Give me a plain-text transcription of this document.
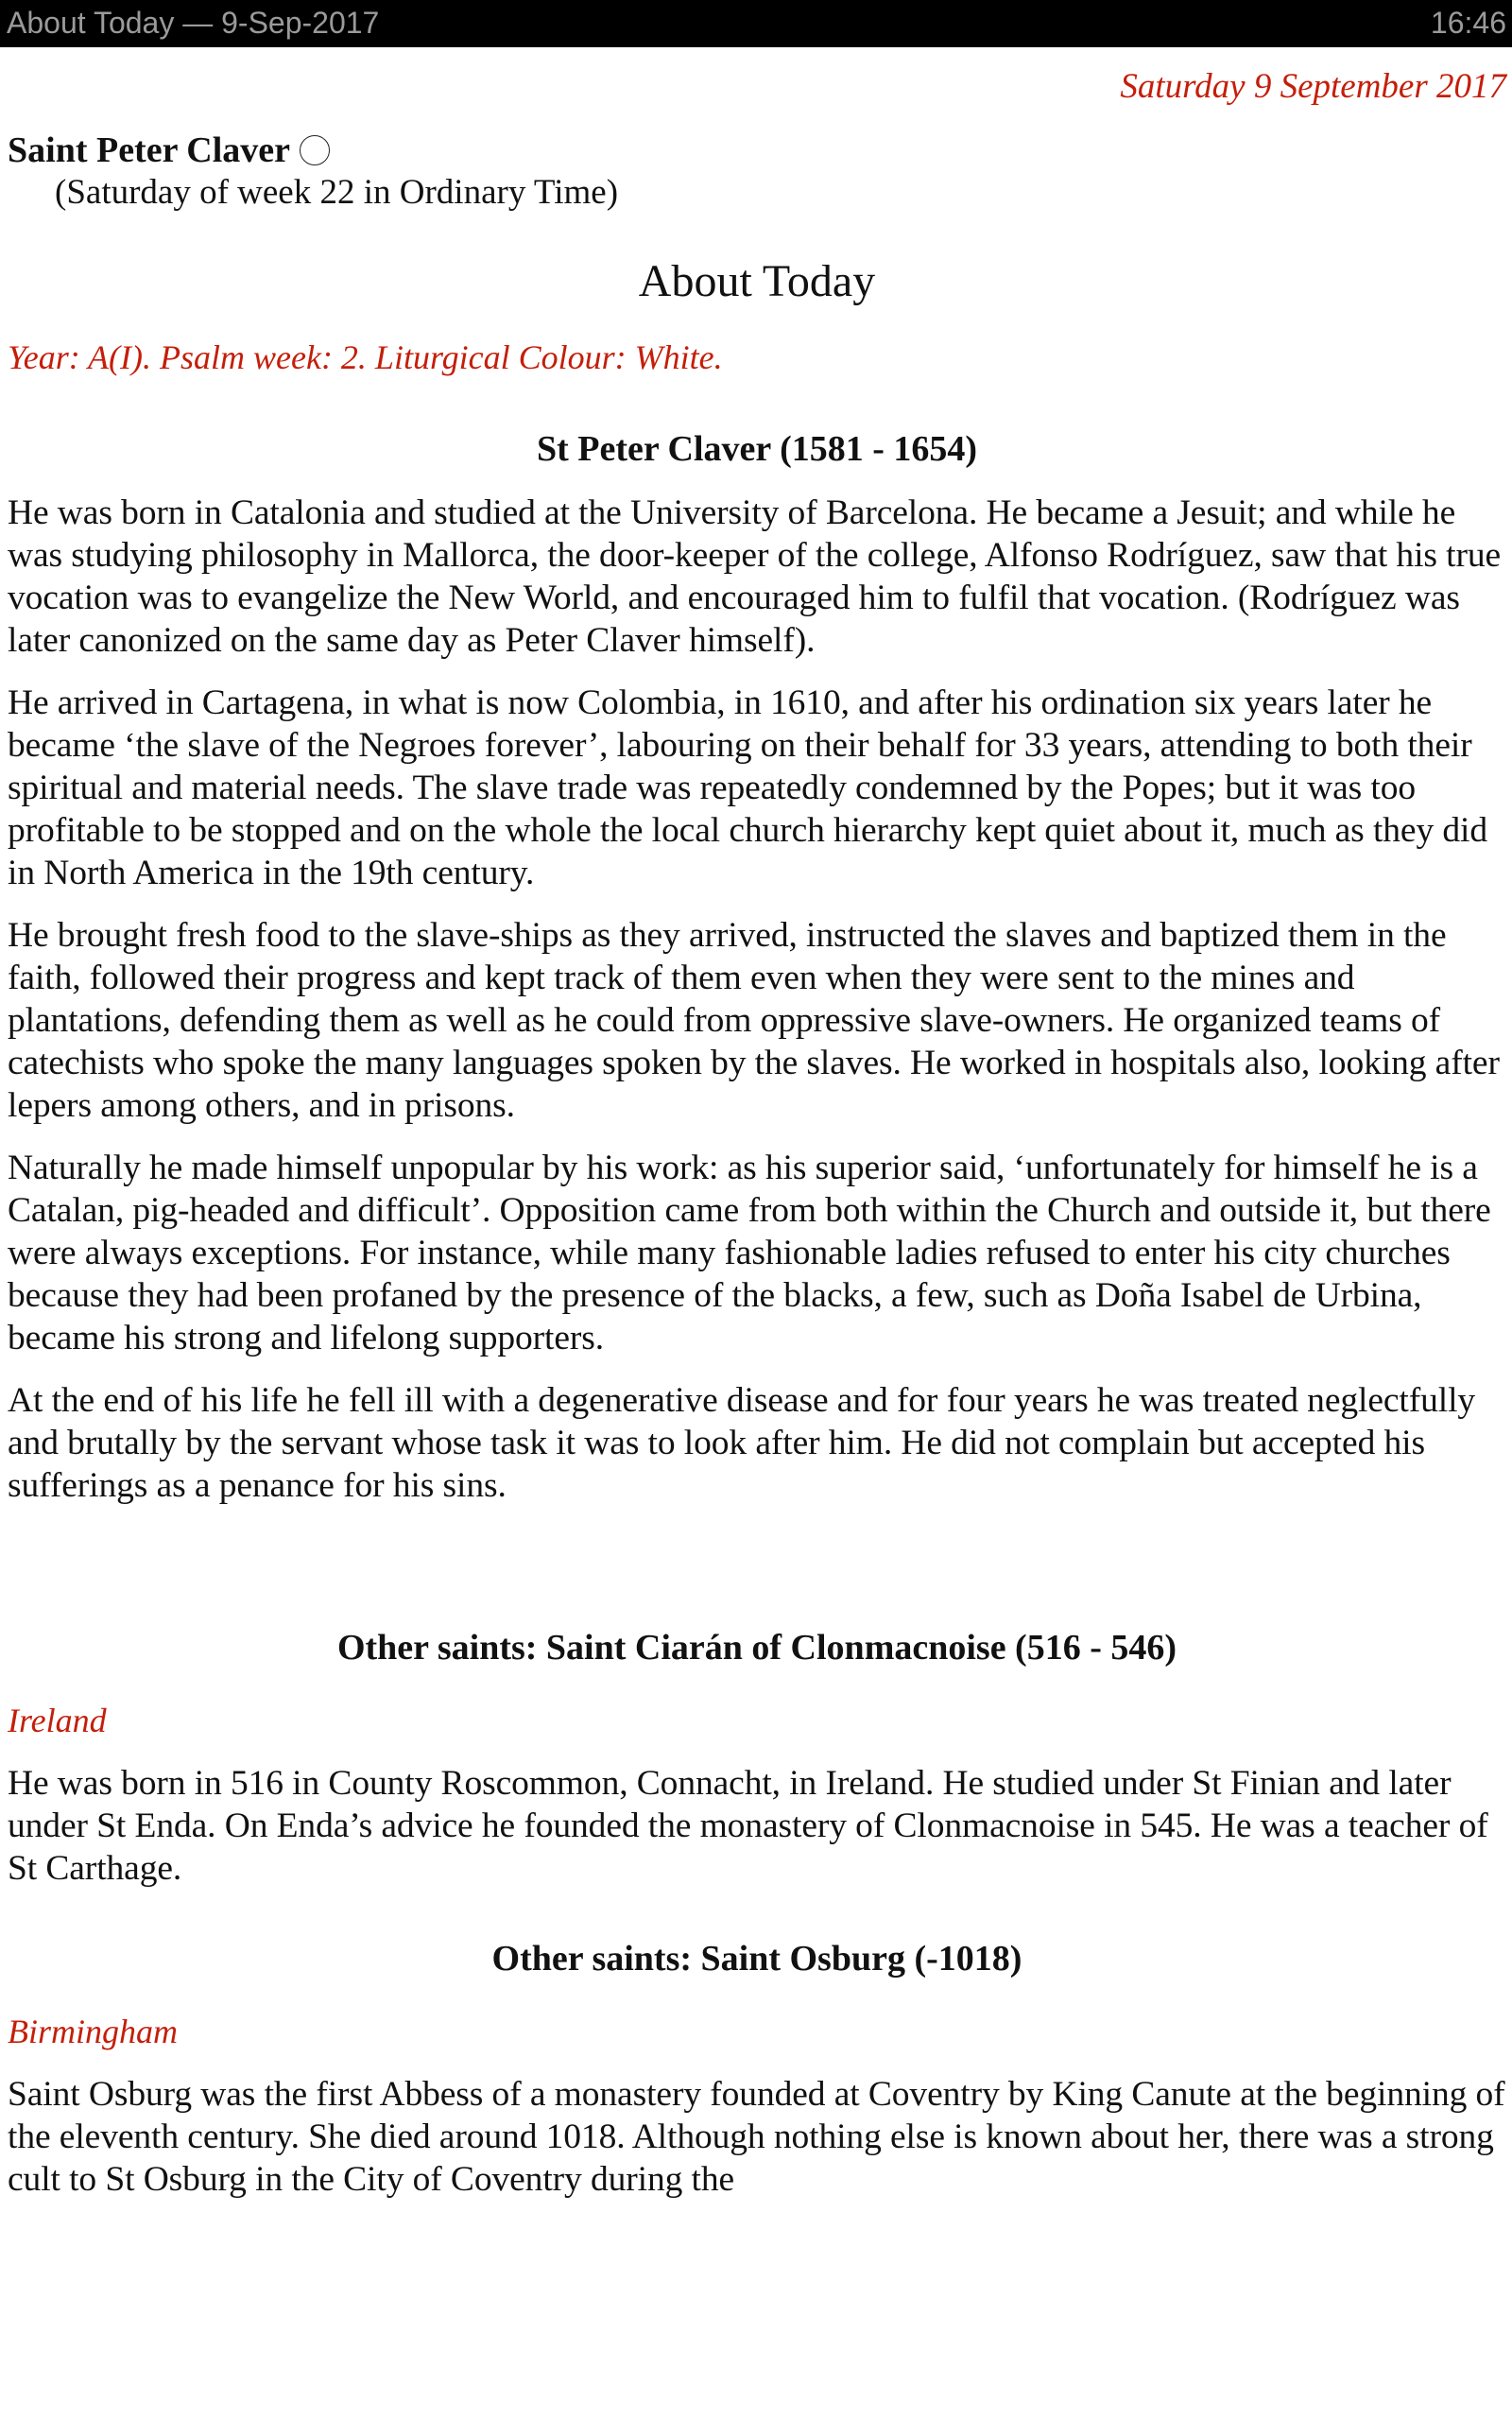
About Today — 9-Sep-2017	16:46
Saturday 9 September 2017
Saint Peter Claver
(Saturday of week 22 in Ordinary Time)
About Today
Year: A(I). Psalm week: 2. Liturgical Colour: White.
St Peter Claver (1581 - 1654)

He was born in Catalonia and studied at the University of Barcelona. He became a Jesuit; and while he was studying philosophy in Mallorca, the door-keeper of the college, Alfonso Rodríguez, saw that his true vocation was to evangelize the New World, and encouraged him to fulfil that vocation. (Rodríguez was later canonized on the same day as Peter Claver himself).

He arrived in Cartagena, in what is now Colombia, in 1610, and after his ordination six years later he became ‘the slave of the Negroes forever’, labouring on their behalf for 33 years, attending to both their spiritual and material needs. The slave trade was repeatedly condemned by the Popes; but it was too profitable to be stopped and on the whole the local church hierarchy kept quiet about it, much as they did in North America in the 19th century.

He brought fresh food to the slave-ships as they arrived, instructed the slaves and baptized them in the faith, followed their progress and kept track of them even when they were sent to the mines and plantations, defending them as well as he could from oppressive slave-owners. He organized teams of catechists who spoke the many languages spoken by the slaves. He worked in hospitals also, looking after lepers among others, and in prisons.

Naturally he made himself unpopular by his work: as his superior said, ‘unfortunately for himself he is a Catalan, pig-headed and difficult’. Opposition came from both within the Church and outside it, but there were always exceptions. For instance, while many fashionable ladies refused to enter his city churches because they had been profaned by the presence of the blacks, a few, such as Doña Isabel de Urbina, became his strong and lifelong supporters.

At the end of his life he fell ill with a degenerative disease and for four years he was treated neglectfully and brutally by the servant whose task it was to look after him. He did not complain but accepted his sufferings as a penance for his sins.

Other saints: Saint Ciarán of Clonmacnoise (516 - 546)
Ireland

He was born in 516 in County Roscommon, Connacht, in Ireland. He studied under St Finian and later under St Enda. On Enda’s advice he founded the monastery of Clonmacnoise in 545. He was a teacher of St Carthage.

Other saints: Saint Osburg (-1018)
Birmingham

Saint Osburg was the first Abbess of a monastery founded at Coventry by King Canute at the beginning of the eleventh century. She died around 1018. Although nothing else is known about her, there was a strong cult to St Osburg in the City of Coventry during the
